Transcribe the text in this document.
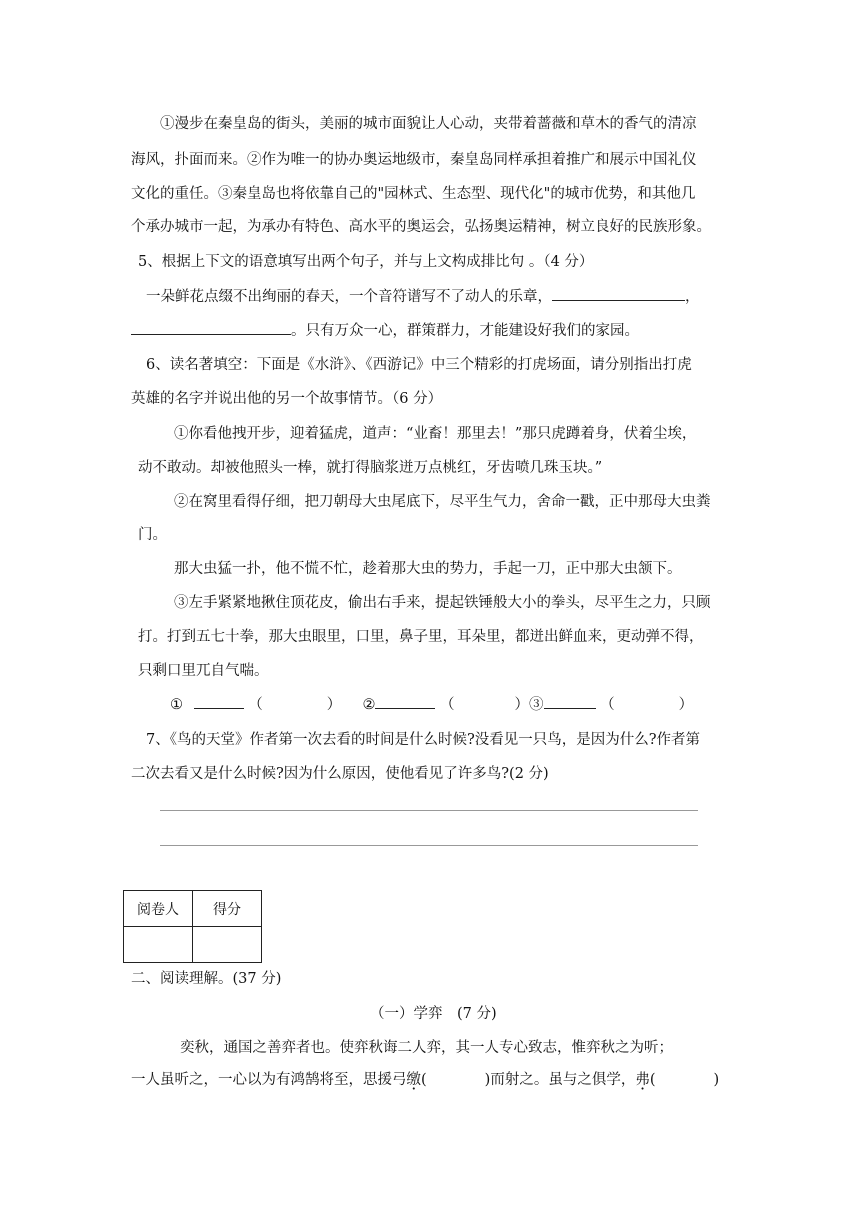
①漫步在秦皇岛的街头，美丽的城市面貌让人心动，夹带着蔷薇和草木的香气的清凉
海风，扑面而来。②作为唯一的协办奥运地级市，秦皇岛同样承担着推广和展示中国礼仪
文化的重任。③秦皇岛也将依靠自己的"园林式、生态型、现代化"的城市优势，和其他几
个承办城市一起，为承办有特色、高水平的奥运会，弘扬奥运精神，树立良好的民族形象。
5、根据上下文的语意填写出两个句子，并与上文构成排比句 。（4 分）
一朵鲜花点缀不出绚丽的春天，一个音符谱写不了动人的乐章，	，
。只有万众一心，群策群力，才能建设好我们的家园。
6、读名著填空：下面是《水浒》、《西游记》中三个精彩的打虎场面，请分别指出打虎
英雄的名字并说出他的另一个故事情节。（6 分）
①你看他拽开步，迎着猛虎，道声：“业畜！那里去！”那只虎蹲着身，伏着尘埃，
动不敢动。却被他照头一棒，就打得脑浆迸万点桃红，牙齿喷几珠玉块。”
②在窝里看得仔细，把刀朝母大虫尾底下，尽平生气力，舍命一戳，正中那母大虫粪
门。
那大虫猛一扑，他不慌不忙，趁着那大虫的势力，手起一刀，正中那大虫颔下。
③左手紧紧地揪住顶花皮，偷出右手来，提起铁锤般大小的拳头，尽平生之力，只顾
打。打到五七十拳，那大虫眼里，口里，鼻子里，耳朵里，都迸出鲜血来，更动弹不得，
只剩口里兀自气喘。
①	（	） ②	（	）③	（	）
7、《鸟的天堂》作者第一次去看的时间是什么时候?没看见一只鸟，是因为什么?作者第
二次去看又是什么时候?因为什么原因，使他看见了许多鸟?(2 分)
阅卷人	得分

二、阅读理解。(37 分)
（一）学弈　(7 分)
奕秋，通国之善弈者也。使弈秋诲二人弈，其一人专心致志，惟弈秋之为听；
一人虽听之，一心以为有鸿鹄将至，思援弓缴(　　　　)而射之。虽与之俱学，弗(　　　　)
